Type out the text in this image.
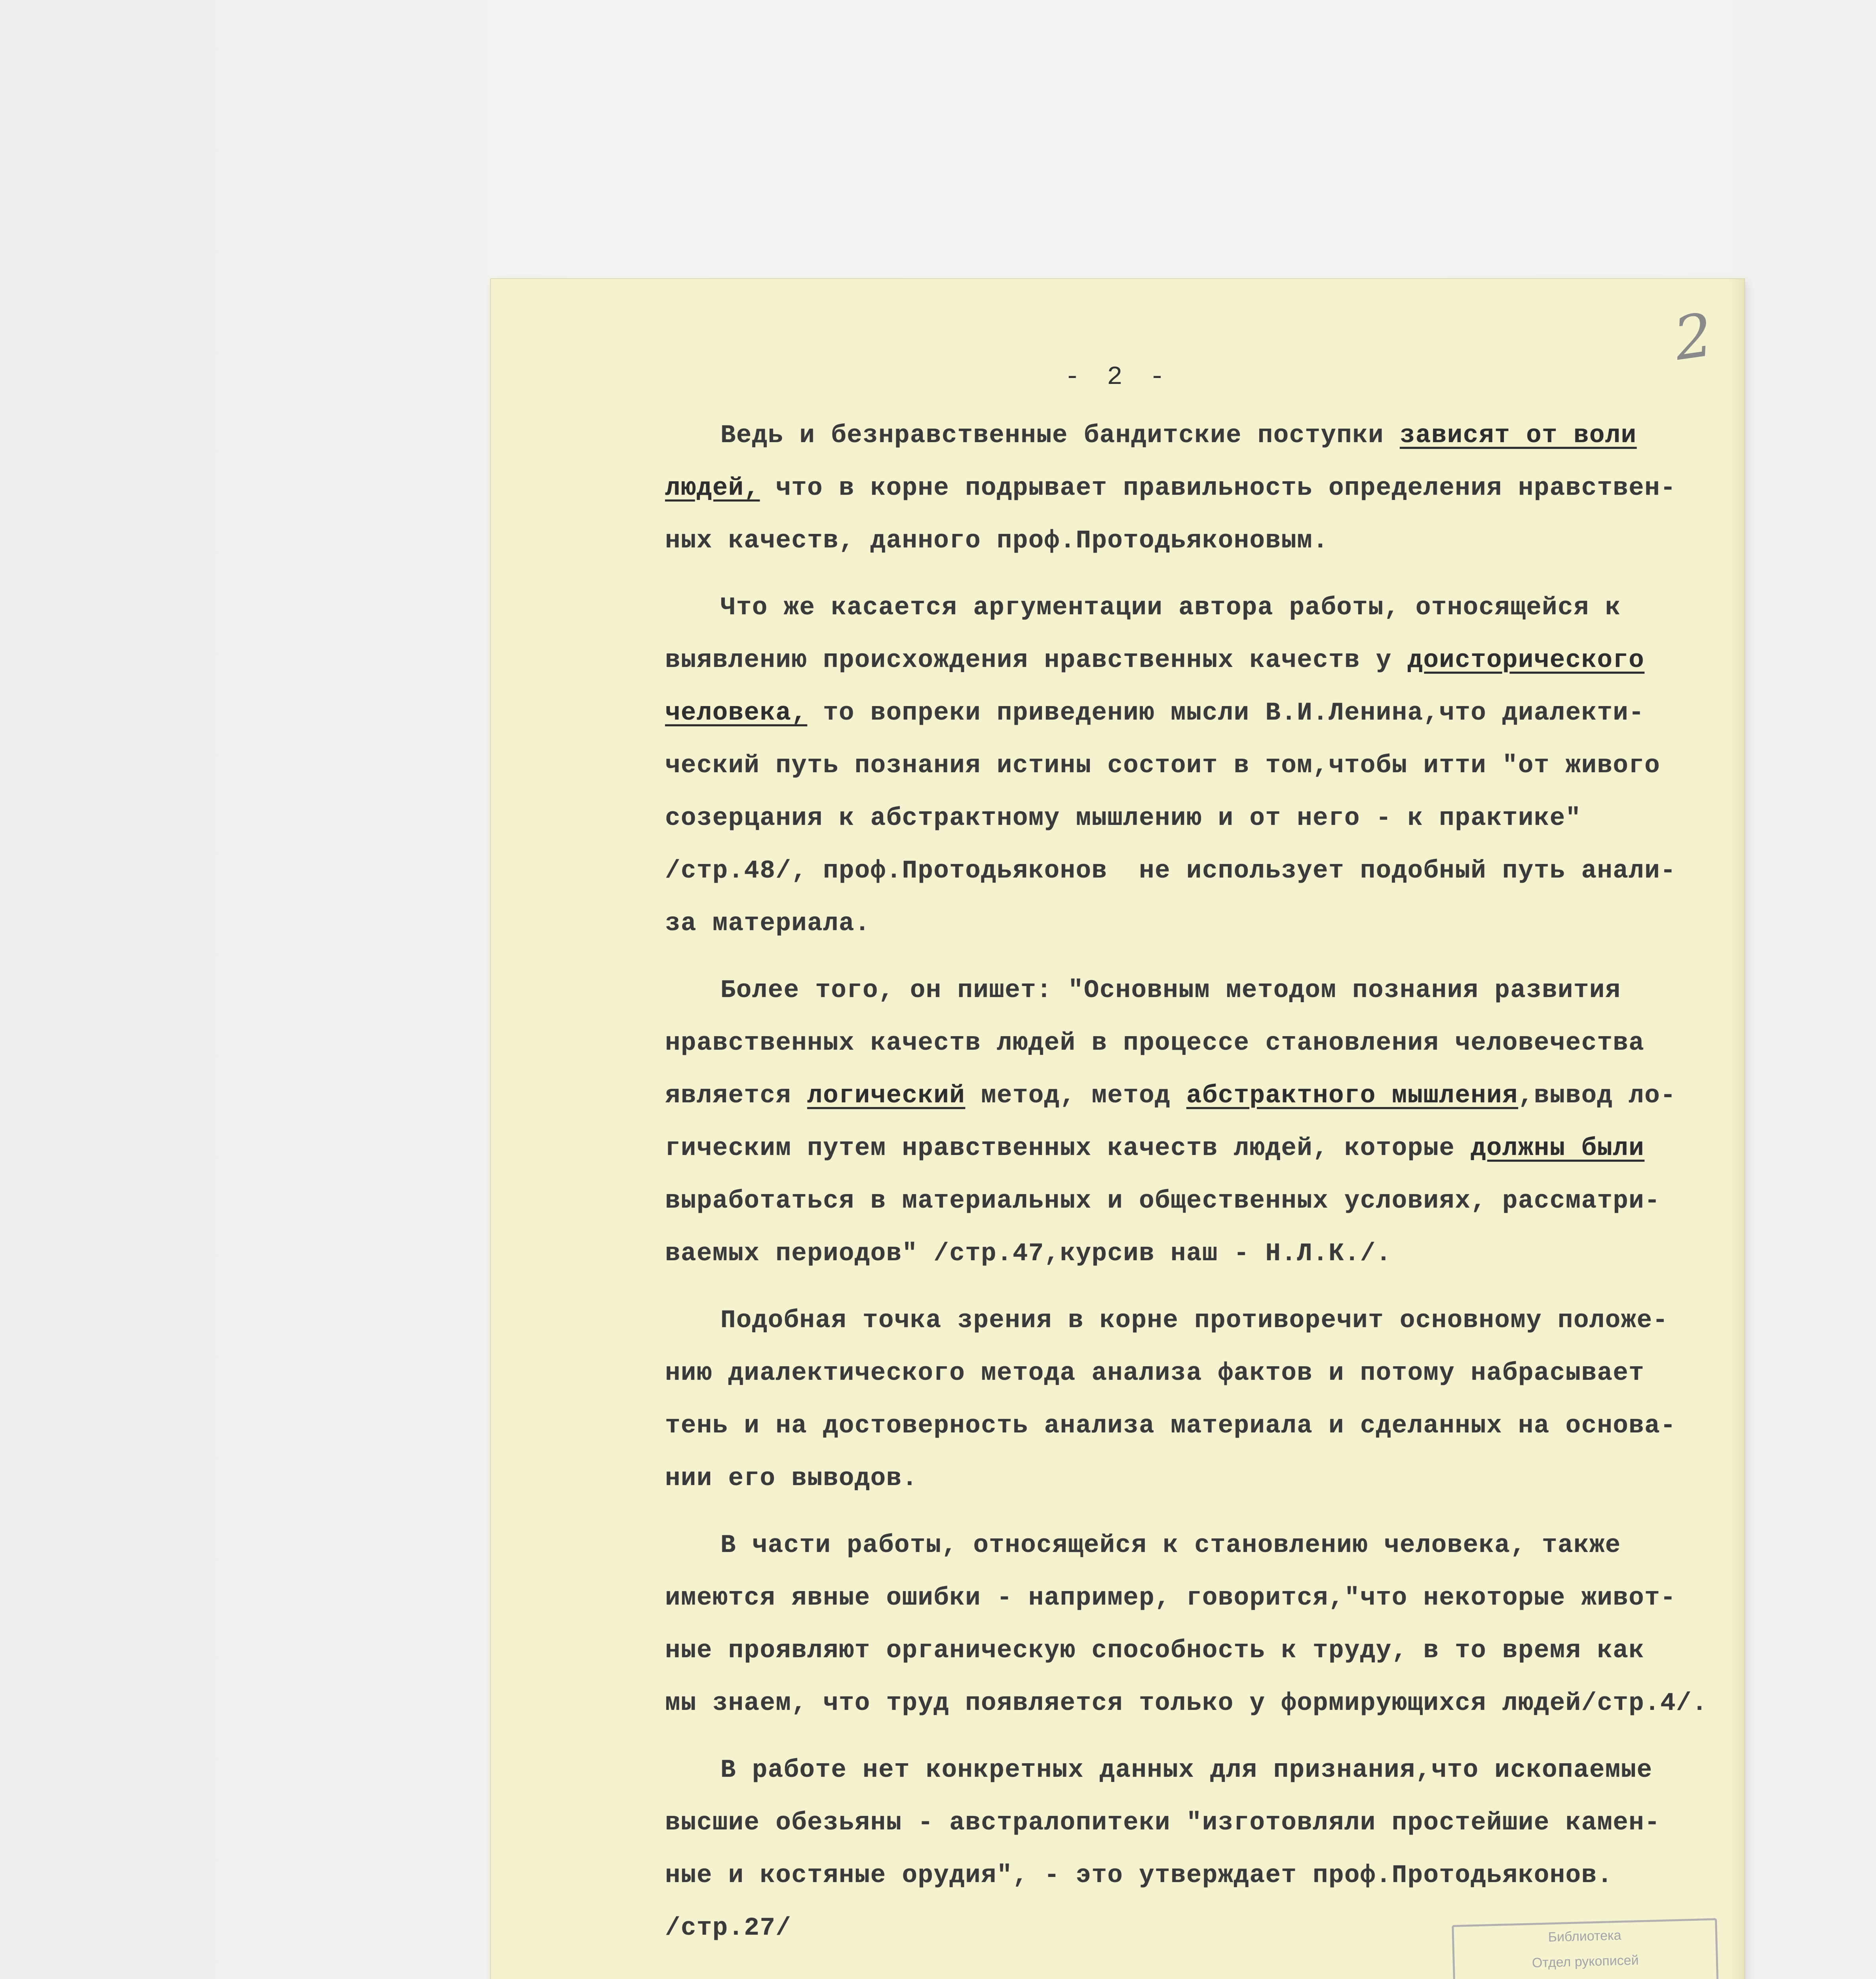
2
- 2 -
Ведь и безнравственные бандитские поступки зависят от воли
людей, что в корне подрывает правильность определения нравствен-
ных качеств, данного проф.Протодьяконовым.
Что же касается аргументации автора работы, относящейся к
выявлению происхождения нравственных качеств у доисторического
человека, то вопреки приведению мысли В.И.Ленина,что диалекти-
ческий путь познания истины состоит в том,чтобы итти "от живого
созерцания к абстрактному мышлению и от него - к практике"
/стр.48/, проф.Протодьяконов  не использует подобный путь анали-
за материала.
Более того, он пишет: "Основным методом познания развития
нравственных качеств людей в процессе становления человечества
является логический метод, метод абстрактного мышления,вывод ло-
гическим путем нравственных качеств людей, которые должны были
выработаться в материальных и общественных условиях, рассматри-
ваемых периодов" /стр.47,курсив наш - Н.Л.К./.
Подобная точка зрения в корне противоречит основному положе-
нию диалектического метода анализа фактов и потому набрасывает
тень и на достоверность анализа материала и сделанных на основа-
нии его выводов.
В части работы, относящейся к становлению человека, также
имеются явные ошибки - например, говорится,"что некоторые живот-
ные проявляют органическую способность к труду, в то время как
мы знаем, что труд появляется только у формирующихся людей/стр.4/.
В работе нет конкретных данных для признания,что ископаемые
высшие обезьяны - австралопитеки "изготовляли простейшие камен-
ные и костяные орудия", - это утверждает проф.Протодьяконов.
/стр.27/	Библиотека
Отдел рукописей
